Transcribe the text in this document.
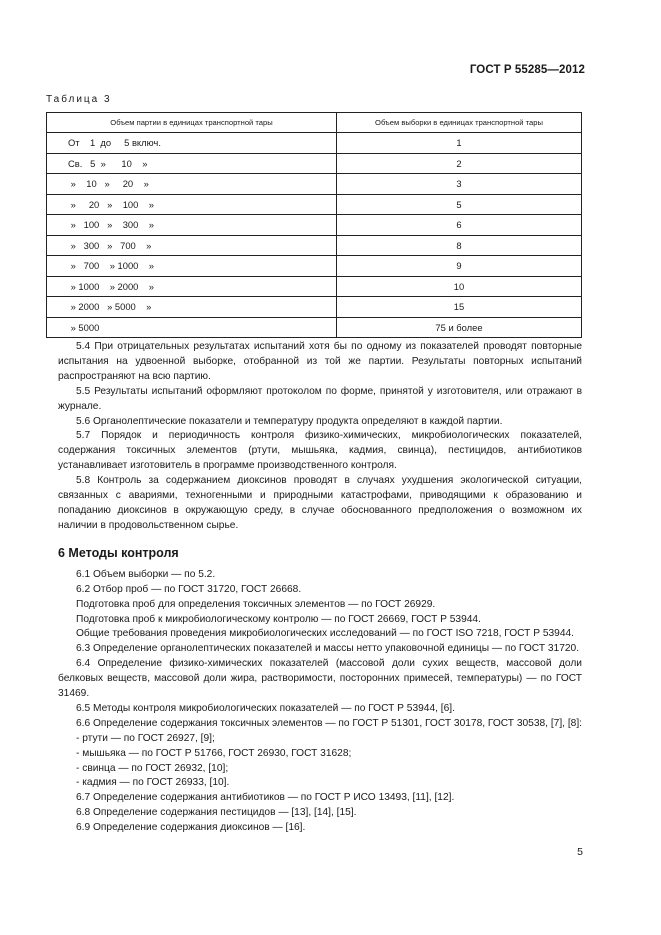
ГОСТ Р 55285—2012
Таблица 3
Объем партии в единицах транспортной тары	Объем выборки в единицах транспортной тары
От    1  до     5 включ.	1
Св.   5  »      10    »	2
»    10   »     20    »	3
»     20   »    100    »	5
»   100   »    300    »	6
»   300   »   700    »	8
»   700    » 1000    »	9
» 1000    » 2000    »	10
» 2000   » 5000    »	15
» 5000	75 и более

5.4 При отрицательных результатах испытаний хотя бы по одному из показателей проводят повторные испытания на удвоенной выборке, отобранной из той же партии. Результаты повторных испытаний распространяют на всю партию.

5.5 Результаты испытаний оформляют протоколом по форме, принятой у изготовителя, или отражают в журнале.

5.6 Органолептические показатели и температуру продукта определяют в каждой партии.

5.7 Порядок и периодичность контроля физико-химических, микробиологических показателей, содержания токсичных элементов (ртути, мышьяка, кадмия, свинца), пестицидов, антибиотиков устанавливает изготовитель в программе производственного контроля.

5.8 Контроль за содержанием диоксинов проводят в случаях ухудшения экологической ситуации, связанных с авариями, техногенными и природными катастрофами, приводящими к образованию и попаданию диоксинов в окружающую среду, в случае обоснованного предположения о возможном их наличии в продовольственном сырье.

6 Методы контроля

6.1 Объем выборки — по 5.2.

6.2 Отбор проб — по ГОСТ 31720, ГОСТ 26668.

Подготовка проб для определения токсичных элементов — по ГОСТ 26929.

Подготовка проб к микробиологическому контролю — по ГОСТ 26669, ГОСТ Р 53944.

Общие требования проведения микробиологических исследований — по ГОСТ ISO 7218, ГОСТ Р 53944.

6.3 Определение органолептических показателей и массы нетто упаковочной единицы — по ГОСТ 31720.

6.4 Определение физико-химических показателей (массовой доли сухих веществ, массовой доли белковых веществ, массовой доли жира, растворимости, посторонних примесей, температуры) — по ГОСТ 31469.

6.5 Методы контроля микробиологических показателей — по ГОСТ Р 53944, [6].

6.6 Определение содержания токсичных элементов — по ГОСТ Р 51301, ГОСТ 30178, ГОСТ 30538, [7], [8]:

- ртути — по ГОСТ 26927, [9];

- мышьяка — по ГОСТ Р 51766, ГОСТ 26930, ГОСТ 31628;

- свинца — по ГОСТ 26932, [10];

- кадмия — по ГОСТ 26933, [10].

6.7 Определение содержания антибиотиков — по ГОСТ Р ИСО 13493, [11], [12].

6.8 Определение содержания пестицидов — [13], [14], [15].

6.9 Определение содержания диоксинов — [16].

5
